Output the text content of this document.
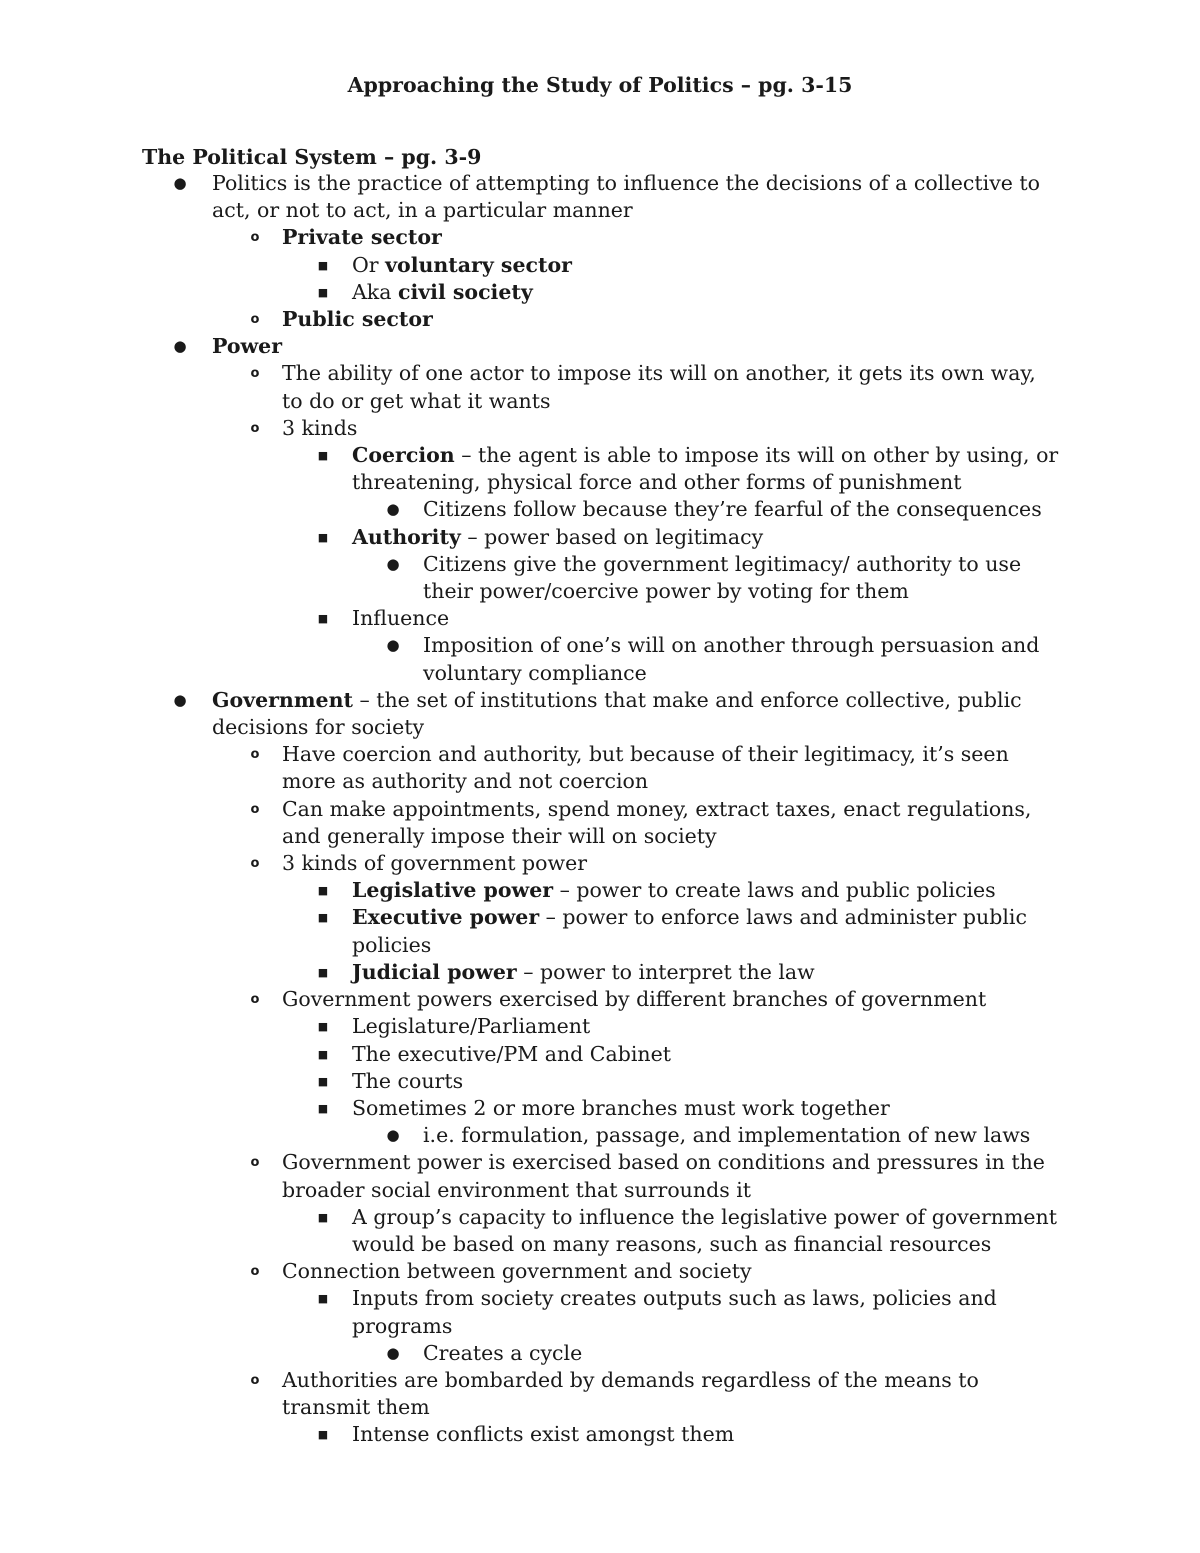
Approaching the Study of Politics – pg. 3-15
The Political System – pg. 3-9
● Politics is the practice of attempting to influence the decisions of a collective to act, or not to act, in a particular manner
o Private sector
■ Or voluntary sector
■ Aka civil society
o Public sector
● Power
o The ability of one actor to impose its will on another, it gets its own way, to do or get what it wants
o 3 kinds
■ Coercion – the agent is able to impose its will on other by using, or threatening, physical force and other forms of punishment
● Citizens follow because they’re fearful of the consequences
■ Authority – power based on legitimacy
● Citizens give the government legitimacy/ authority to use their power/coercive power by voting for them
■ Influence
● Imposition of one’s will on another through persuasion and voluntary compliance
● Government – the set of institutions that make and enforce collective, public decisions for society
o Have coercion and authority, but because of their legitimacy, it’s seen more as authority and not coercion
o Can make appointments, spend money, extract taxes, enact regulations, and generally impose their will on society
o 3 kinds of government power
■ Legislative power – power to create laws and public policies
■ Executive power – power to enforce laws and administer public policies
■ Judicial power – power to interpret the law
o Government powers exercised by different branches of government
■ Legislature/Parliament
■ The executive/PM and Cabinet
■ The courts
■ Sometimes 2 or more branches must work together
● i.e. formulation, passage, and implementation of new laws
o Government power is exercised based on conditions and pressures in the broader social environment that surrounds it
■ A group’s capacity to influence the legislative power of government would be based on many reasons, such as financial resources
o Connection between government and society
■ Inputs from society creates outputs such as laws, policies and programs
● Creates a cycle
o Authorities are bombarded by demands regardless of the means to transmit them
■ Intense conflicts exist amongst them
